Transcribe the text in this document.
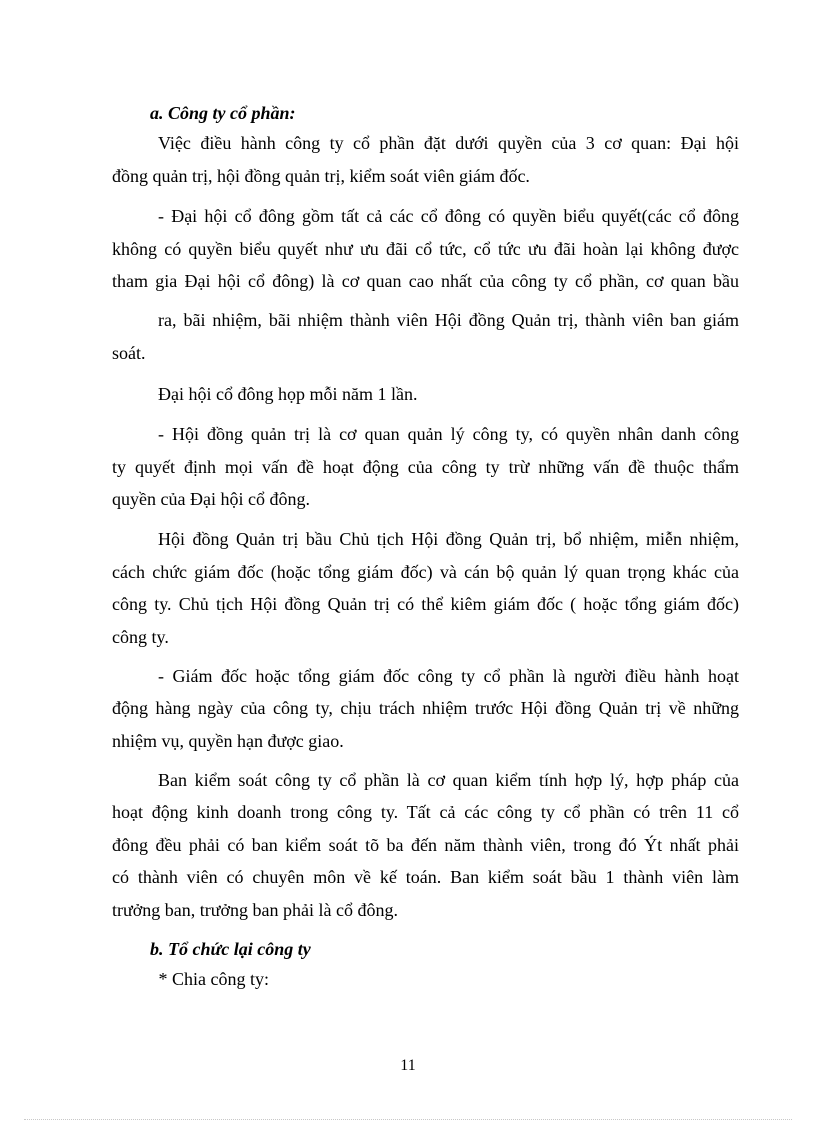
a. Công ty cổ phần:
Việc điều hành công ty cổ phần đặt dưới quyền của 3 cơ quan: Đại hội
đồng quản trị, hội đồng quản trị, kiểm soát viên giám đốc.
- Đại hội cổ đông gồm tất cả các cổ đông có quyền biểu quyết(các cổ đông
không có quyền biểu quyết như ưu đãi cổ tức, cổ tức ưu đãi hoàn lại không được
tham gia Đại hội cổ đông) là cơ quan cao nhất của công ty cổ phần, cơ quan bầu
ra, bãi nhiệm, bãi nhiệm thành viên Hội đồng Quản trị, thành viên ban giám
soát.
Đại hội cổ đông họp mỗi năm 1 lần.
- Hội đồng quản trị là cơ quan quản lý công ty, có quyền nhân danh công
ty quyết định mọi vấn đề hoạt động của công ty trừ những vấn đề thuộc thẩm
quyền của Đại hội cổ đông.
Hội đồng Quản trị bầu Chủ tịch Hội đồng Quản trị, bổ nhiệm, miễn nhiệm,
cách chức giám đốc (hoặc tổng giám đốc) và cán bộ quản lý quan trọng khác của
công ty. Chủ tịch Hội đồng Quản trị có thể kiêm giám đốc ( hoặc tổng giám đốc)
công ty.
- Giám đốc hoặc tổng giám đốc công ty cổ phần là người điều hành hoạt
động hàng ngày của công ty, chịu trách nhiệm trước Hội đồng Quản trị về những
nhiệm vụ, quyền hạn được giao.
Ban kiểm soát công ty cổ phần là cơ quan kiểm tính hợp lý, hợp pháp của
hoạt động kinh doanh trong công ty. Tất cả các công ty cổ phần có trên 11 cổ
đông đều phải có ban kiểm soát tõ ba đến năm thành viên, trong đó Ýt nhất phải
có thành viên có chuyên môn về kế toán. Ban kiểm soát bầu 1 thành viên làm
trưởng ban, trưởng ban phải là cổ đông.
b. Tổ chức lại công ty
* Chia công ty:
11
